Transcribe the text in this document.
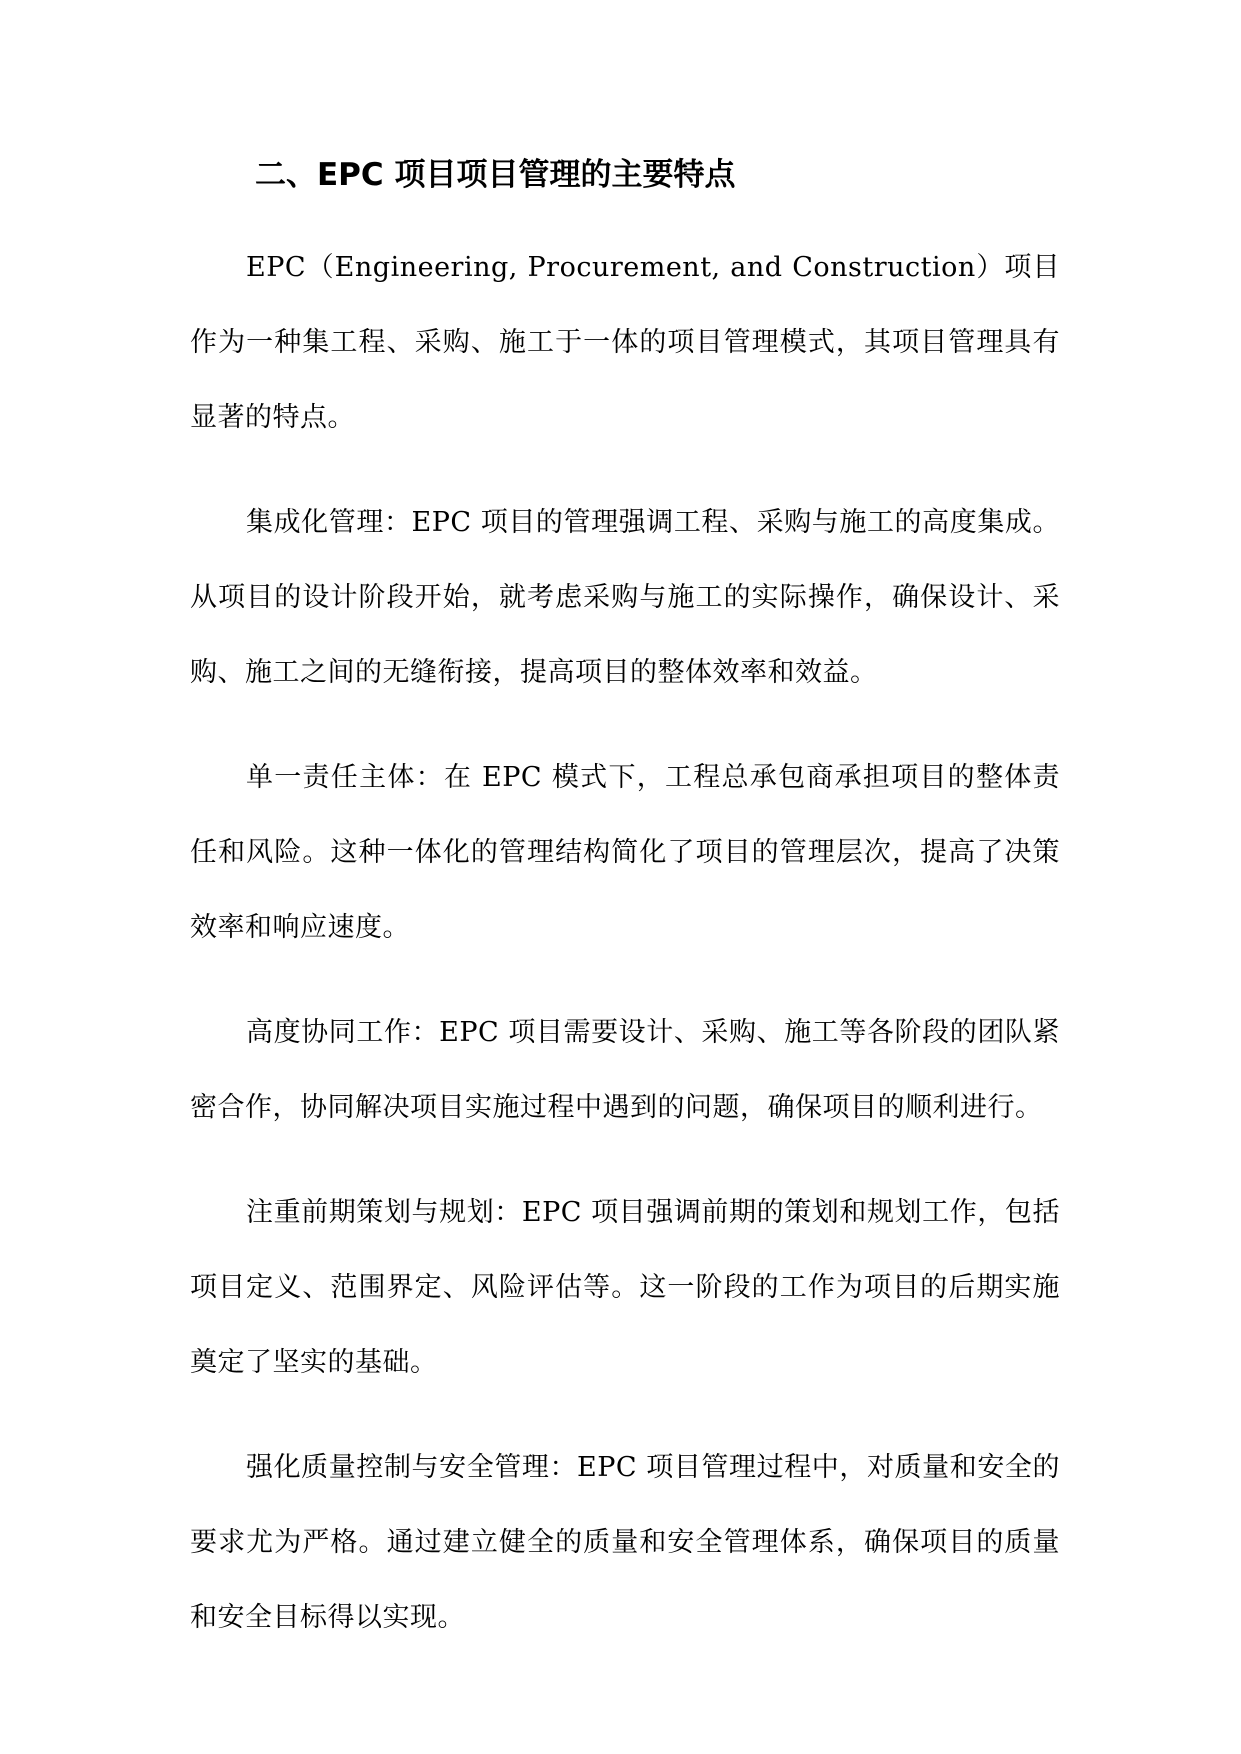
二、EPC 项目项目管理的主要特点

EPC（Engineering, Procurement, and Construction）项目作为一种集工程、采购、施工于一体的项目管理模式，其项目管理具有显著的特点。

集成化管理：EPC 项目的管理强调工程、采购与施工的高度集成。从项目的设计阶段开始，就考虑采购与施工的实际操作，确保设计、采购、施工之间的无缝衔接，提高项目的整体效率和效益。

单一责任主体：在 EPC 模式下，工程总承包商承担项目的整体责任和风险。这种一体化的管理结构简化了项目的管理层次，提高了决策效率和响应速度。

高度协同工作：EPC 项目需要设计、采购、施工等各阶段的团队紧密合作，协同解决项目实施过程中遇到的问题，确保项目的顺利进行。

注重前期策划与规划：EPC 项目强调前期的策划和规划工作，包括项目定义、范围界定、风险评估等。这一阶段的工作为项目的后期实施奠定了坚实的基础。

强化质量控制与安全管理：EPC 项目管理过程中，对质量和安全的要求尤为严格。通过建立健全的质量和安全管理体系，确保项目的质量和安全目标得以实现。
